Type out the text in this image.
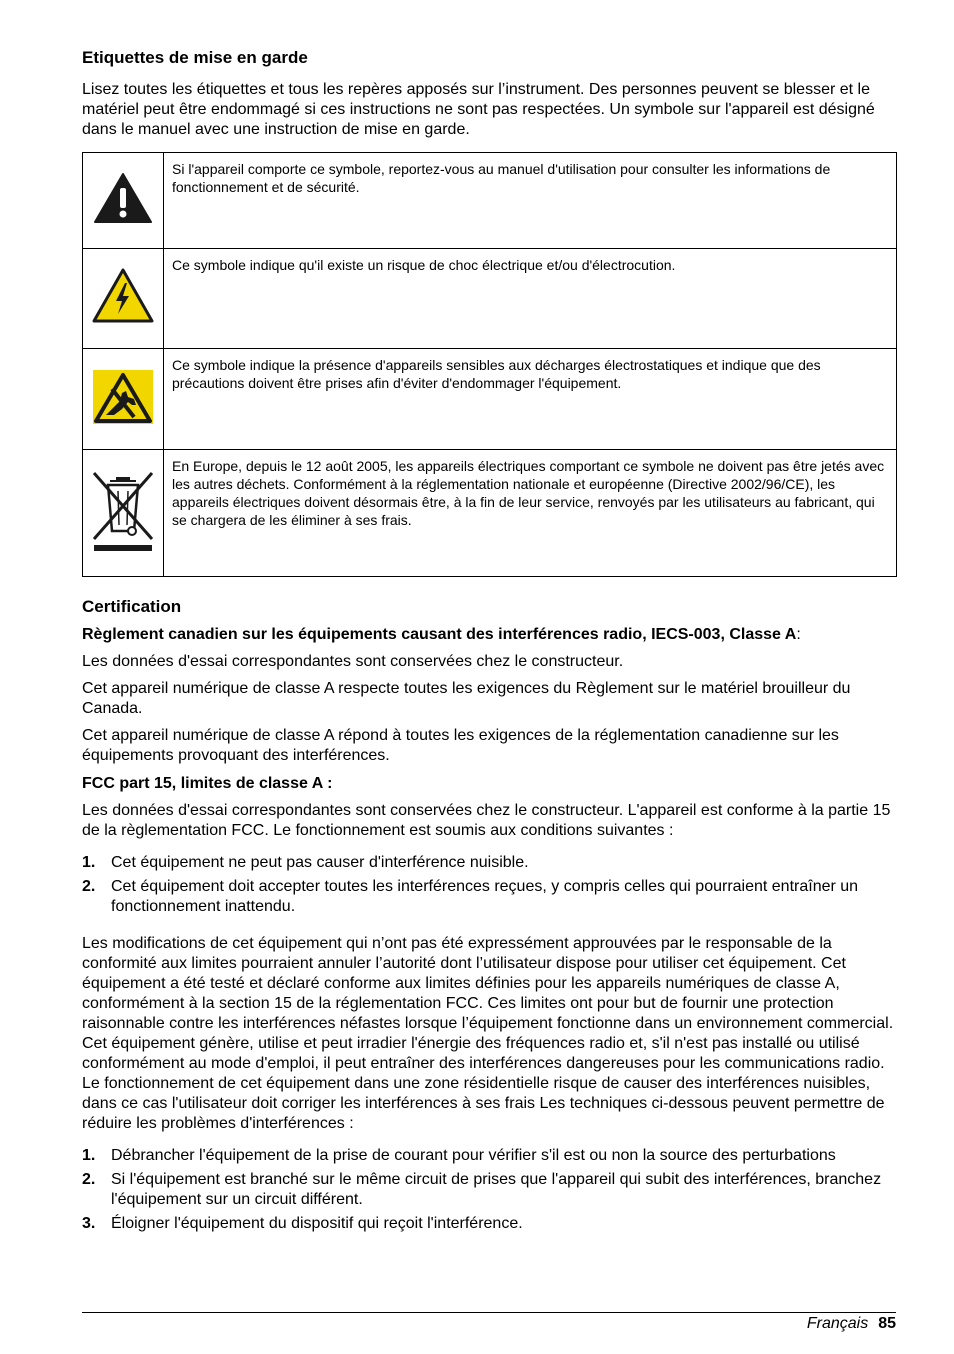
Etiquettes de mise en garde

Lisez toutes les étiquettes et tous les repères apposés sur l’instrument. Des personnes peuvent se blesser et le matériel peut être endommagé si ces instructions ne sont pas respectées. Un symbole sur l'appareil est désigné dans le manuel avec une instruction de mise en garde.

	Si l'appareil comporte ce symbole, reportez-vous au manuel d'utilisation pour consulter les informations de fonctionnement et de sécurité.
	Ce symbole indique qu'il existe un risque de choc électrique et/ou d'électrocution.
	Ce symbole indique la présence d'appareils sensibles aux décharges électrostatiques et indique que des précautions doivent être prises afin d'éviter d'endommager l'équipement.
	En Europe, depuis le 12 août 2005, les appareils électriques comportant ce symbole ne doivent pas être jetés avec les autres déchets. Conformément à la réglementation nationale et européenne (Directive 2002/96/CE), les appareils électriques doivent désormais être, à la fin de leur service, renvoyés par les utilisateurs au fabricant, qui se chargera de les éliminer à ses frais.
Certification
Règlement canadien sur les équipements causant des interférences radio, IECS-003, Classe A:

Les données d'essai correspondantes sont conservées chez le constructeur.

Cet appareil numérique de classe A respecte toutes les exigences du Règlement sur le matériel brouilleur du Canada.

Cet appareil numérique de classe A répond à toutes les exigences de la réglementation canadienne sur les équipements provoquant des interférences.

FCC part 15, limites de classe A :

Les données d'essai correspondantes sont conservées chez le constructeur. L'appareil est conforme à la partie 15 de la règlementation FCC. Le fonctionnement est soumis aux conditions suivantes :

1. Cet équipement ne peut pas causer d'interférence nuisible.
2. Cet équipement doit accepter toutes les interférences reçues, y compris celles qui pourraient entraîner un fonctionnement inattendu.

Les modifications de cet équipement qui n’ont pas été expressément approuvées par le responsable de la conformité aux limites pourraient annuler l’autorité dont l’utilisateur dispose pour utiliser cet équipement. Cet équipement a été testé et déclaré conforme aux limites définies pour les appareils numériques de classe A, conformément à la section 15 de la réglementation FCC. Ces limites ont pour but de fournir une protection raisonnable contre les interférences néfastes lorsque l’équipement fonctionne dans un environnement commercial. Cet équipement génère, utilise et peut irradier l'énergie des fréquences radio et, s'il n'est pas installé ou utilisé conformément au mode d'emploi, il peut entraîner des interférences dangereuses pour les communications radio. Le fonctionnement de cet équipement dans une zone résidentielle risque de causer des interférences nuisibles, dans ce cas l'utilisateur doit corriger les interférences à ses frais Les techniques ci-dessous peuvent permettre de réduire les problèmes d'interférences :

1. Débrancher l'équipement de la prise de courant pour vérifier s'il est ou non la source des perturbations
2. Si l'équipement est branché sur le même circuit de prises que l'appareil qui subit des interférences, branchez l'équipement sur un circuit différent.
3. Éloigner l'équipement du dispositif qui reçoit l'interférence.
Français 85
